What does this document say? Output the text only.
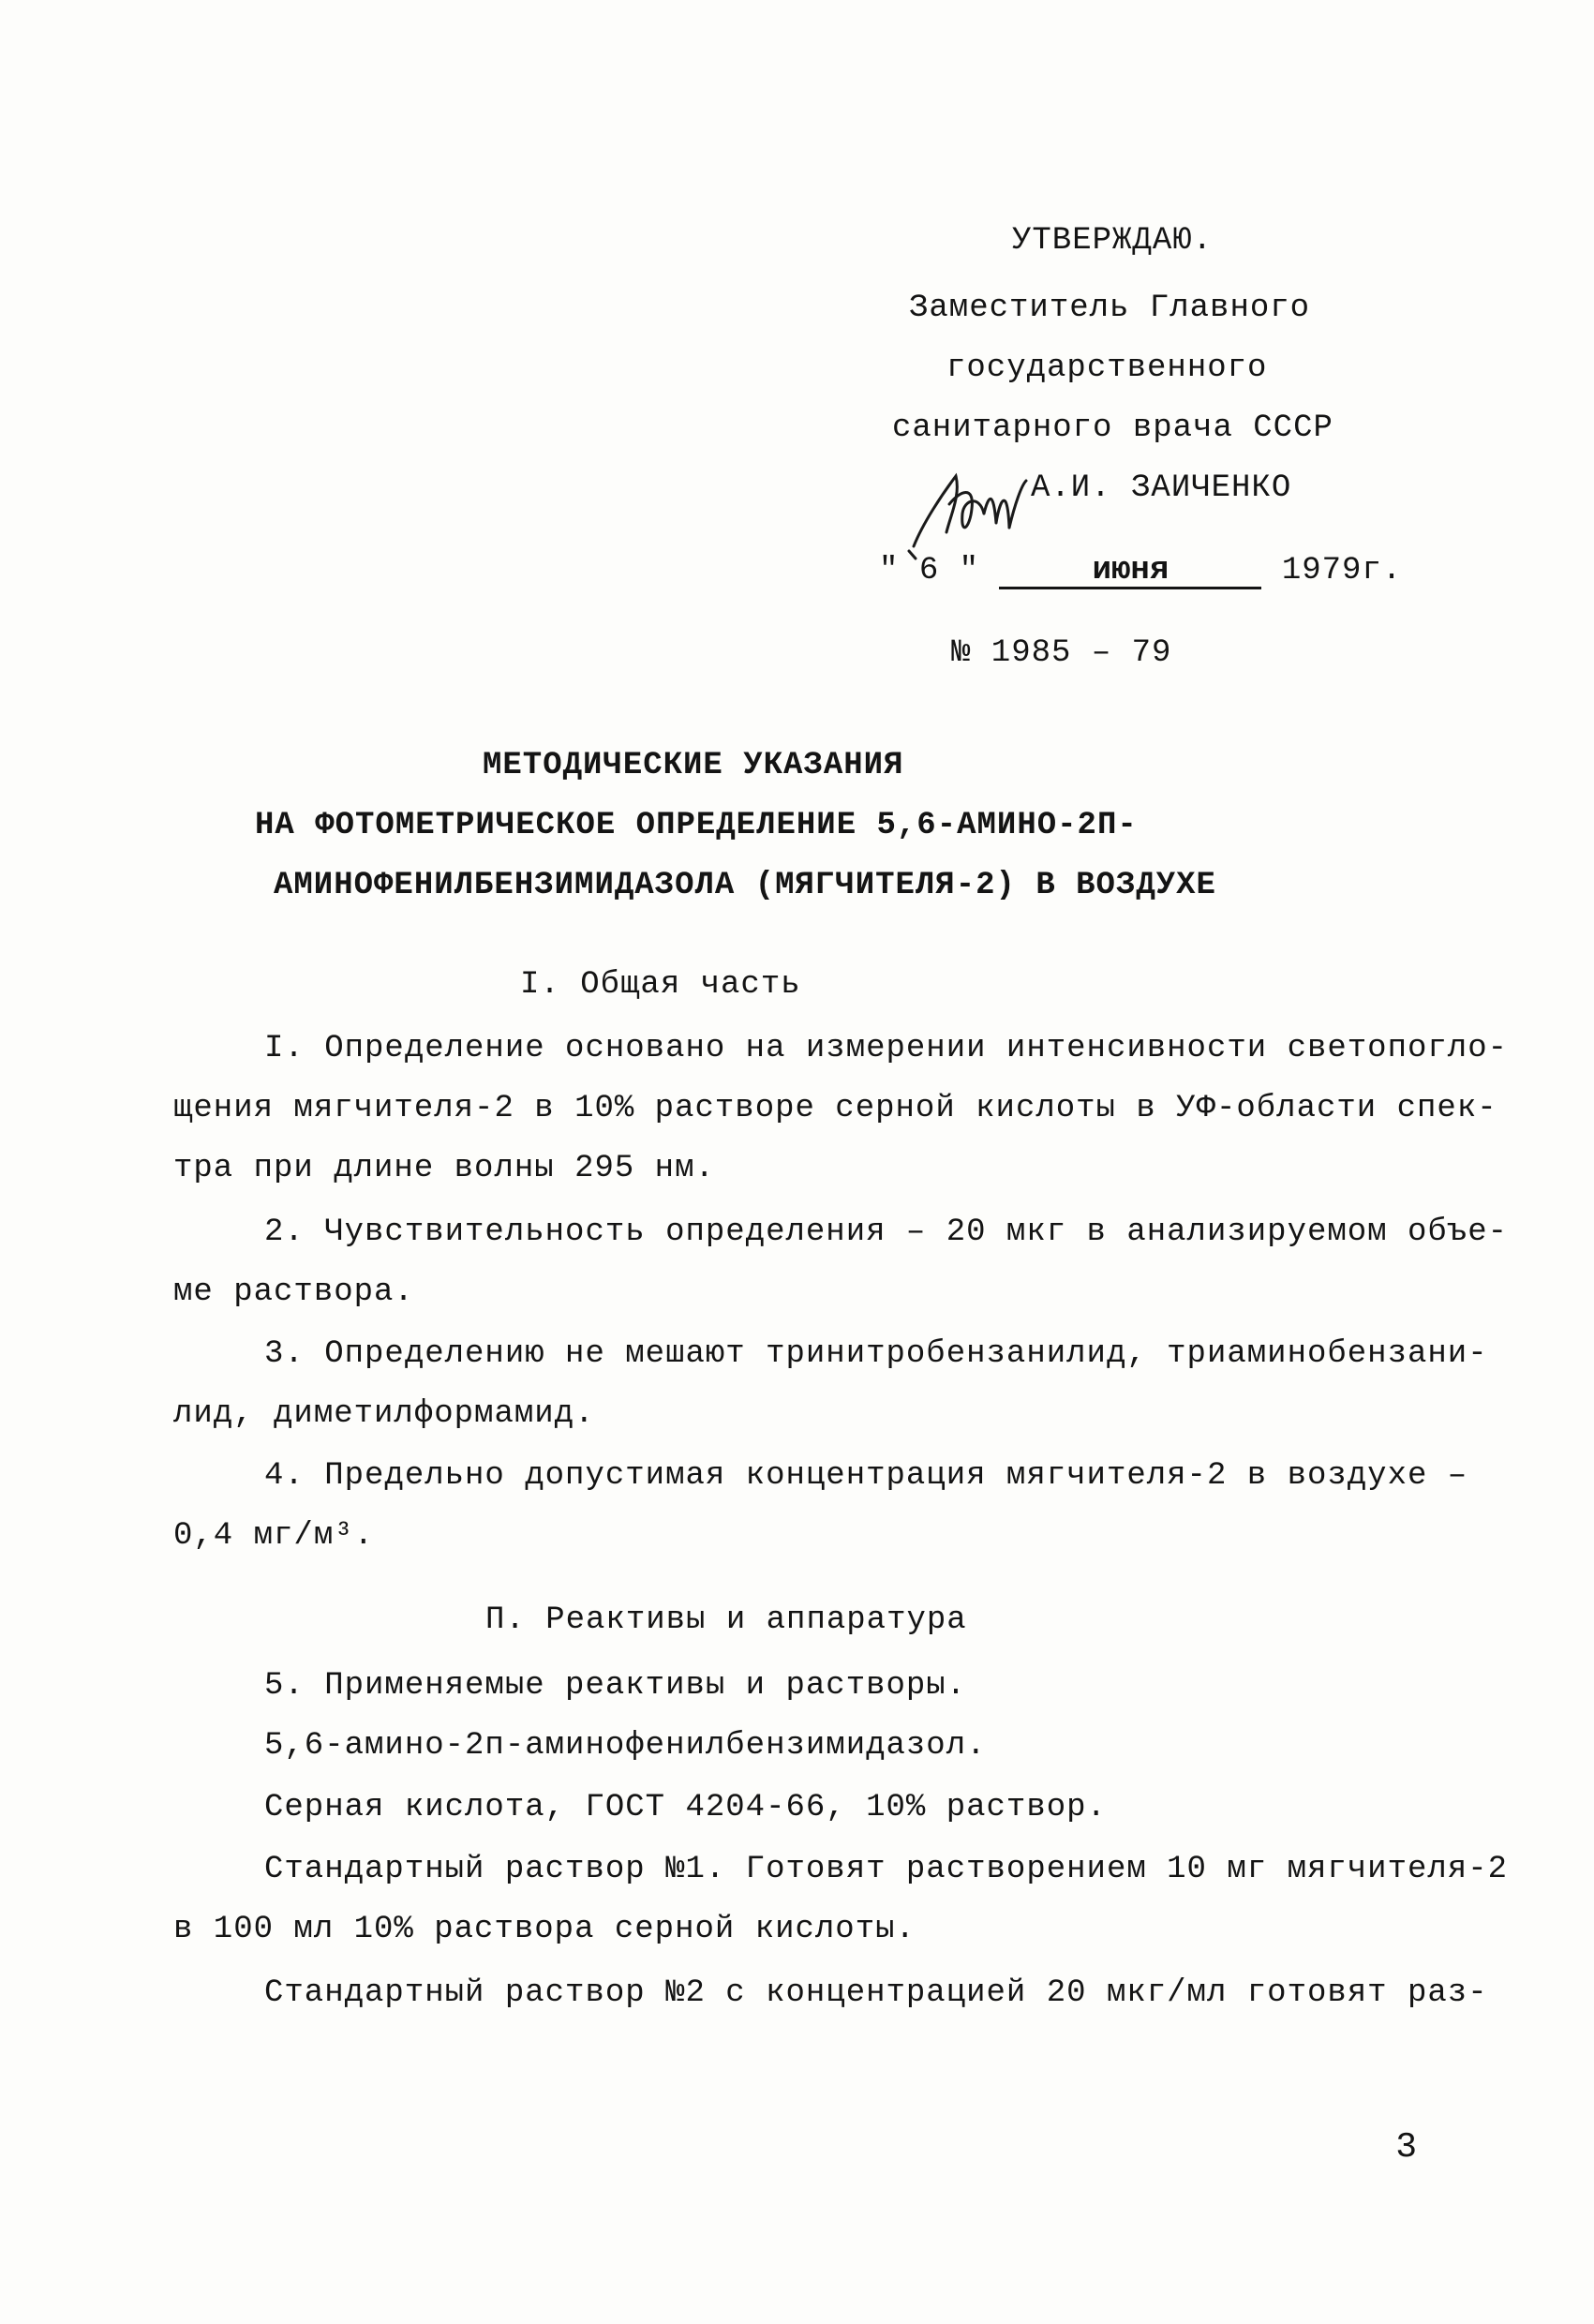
УТВЕРЖДАЮ.
Заместитель Главного
государственного
санитарного врача СССР
А.И. ЗАИЧЕНКО
" 6 "	июня	1979г.
№ 1985 – 79
МЕТОДИЧЕСКИЕ УКАЗАНИЯ
НА ФОТОМЕТРИЧЕСКОЕ ОПРЕДЕЛЕНИЕ 5,6-АМИНО-2П-
АМИНОФЕНИЛБЕНЗИМИДАЗОЛА (МЯГЧИТЕЛЯ-2) В ВОЗДУХЕ
I. Общая часть
I. Определение основано на измерении интенсивности светопогло-
щения мягчителя-2 в 10% растворе серной кислоты в УФ-области спек-
тра при длине волны 295 нм.
2. Чувствительность определения – 20 мкг в анализируемом объе-
ме раствора.
3. Определению не мешают тринитробензанилид, триаминобензани-
лид, диметилформамид.
4. Предельно допустимая концентрация мягчителя-2 в воздухе –
0,4 мг/м³.
П. Реактивы и аппаратура
5. Применяемые реактивы и растворы.
5,6-амино-2п-аминофенилбензимидазол.
Серная кислота, ГОСТ 4204-66, 10% раствор.
Стандартный раствор №1. Готовят растворением 10 мг мягчителя-2
в 100 мл 10% раствора серной кислоты.
Стандартный раствор №2 с концентрацией 20 мкг/мл готовят раз-
3
